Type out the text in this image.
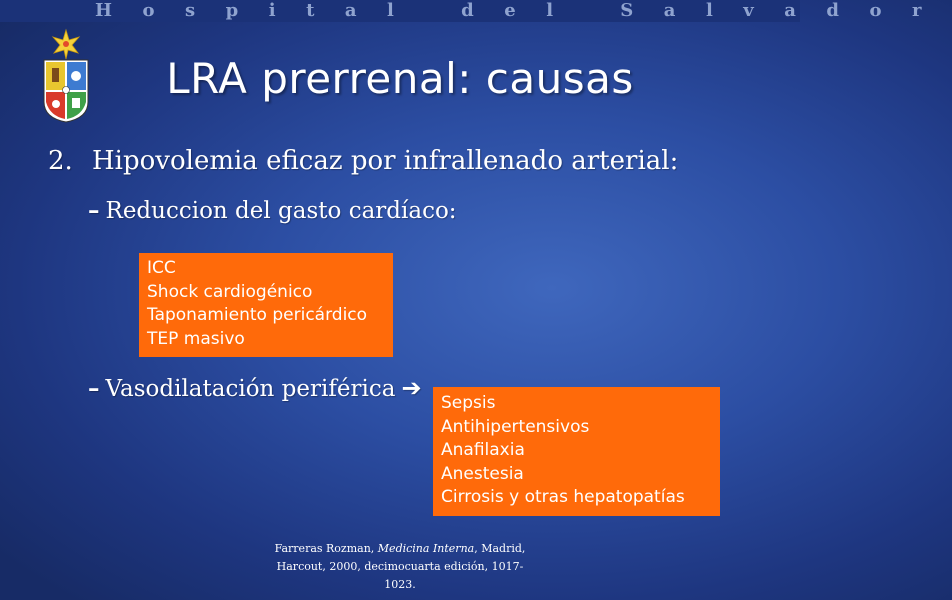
Hospital del Salvador
LRA prerrenal: causas
2. Hipovolemia eficaz por infrallenado arterial:
– Reduccion del gasto cardíaco:
ICC
Shock cardiogénico
Taponamiento pericárdico
TEP masivo
– Vasodilatación periférica ➔
Sepsis
Antihipertensivos
Anafilaxia
Anestesia
Cirrosis y otras hepatopatías
Farreras Rozman, Medicina Interna, Madrid,
Harcout, 2000, decimocuarta edición, 1017-
1023.
